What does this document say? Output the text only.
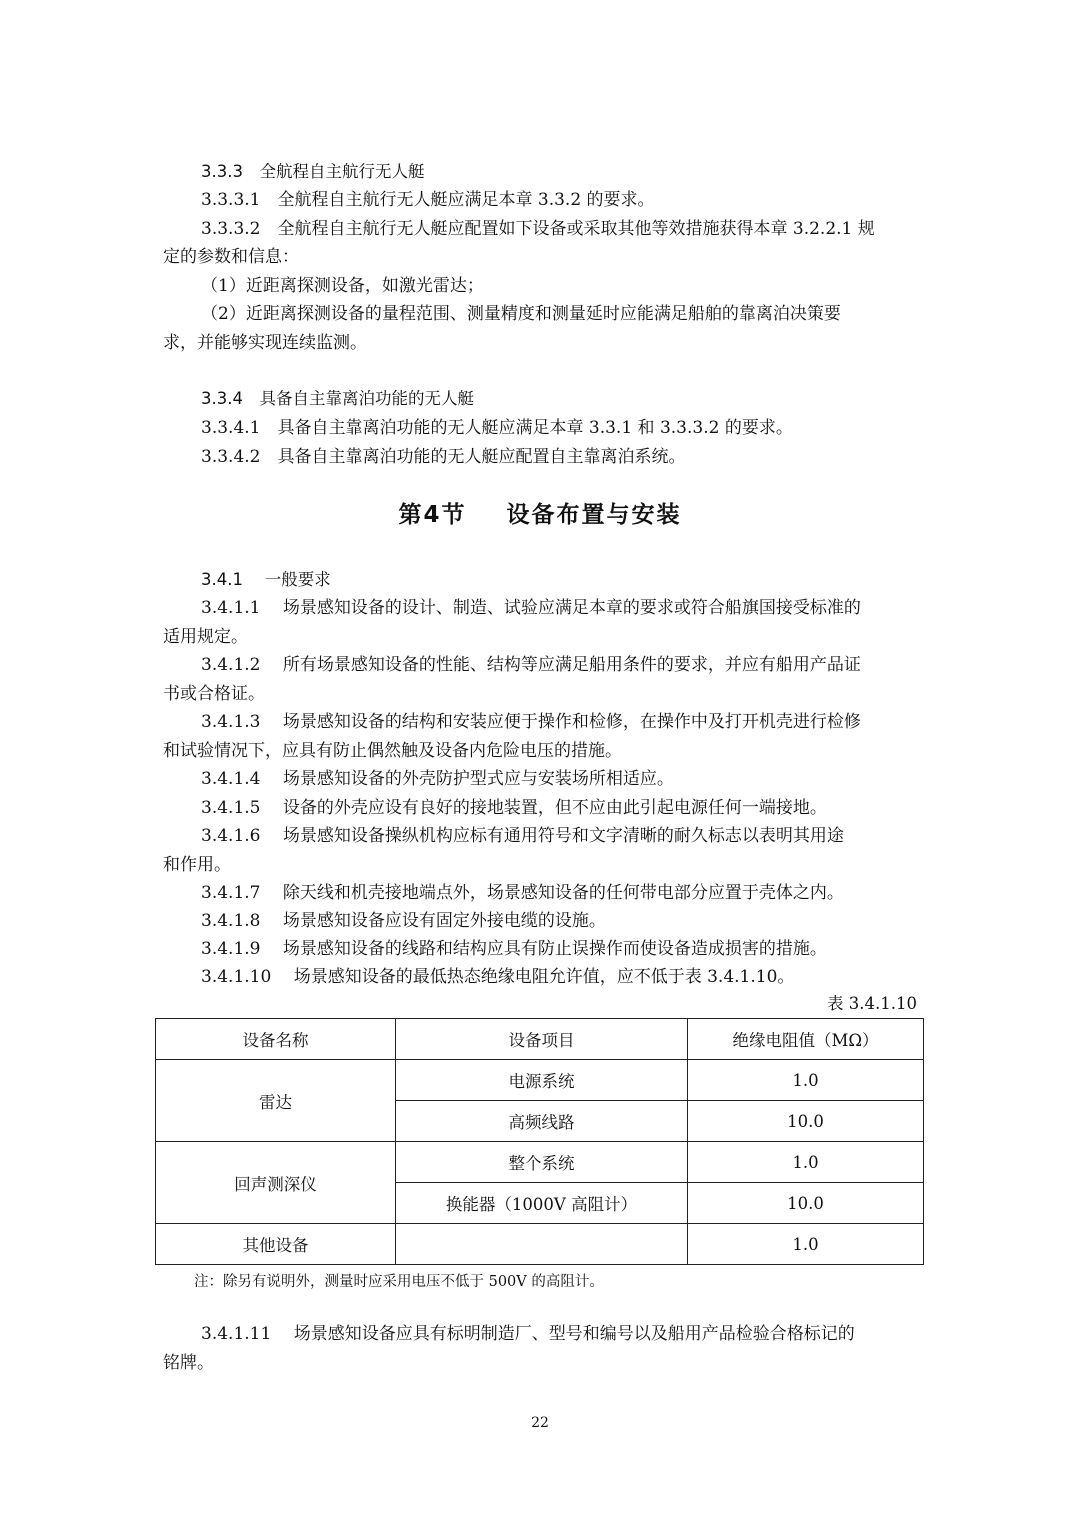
3.3.3　全航程自主航行无人艇
3.3.3.1　全航程自主航行无人艇应满足本章 3.3.2 的要求。
3.3.3.2　全航程自主航行无人艇应配置如下设备或采取其他等效措施获得本章 3.2.2.1 规
定的参数和信息：
（1）近距离探测设备，如激光雷达；
（2）近距离探测设备的量程范围、测量精度和测量延时应能满足船舶的靠离泊决策要
求，并能够实现连续监测。
3.3.4　具备自主靠离泊功能的无人艇
3.3.4.1　具备自主靠离泊功能的无人艇应满足本章 3.3.1 和 3.3.3.2 的要求。
3.3.4.2　具备自主靠离泊功能的无人艇应配置自主靠离泊系统。
第4节 设备布置与安装
3.4.1　 一般要求
3.4.1.1　 场景感知设备的设计、制造、试验应满足本章的要求或符合船旗国接受标准的
适用规定。
3.4.1.2　 所有场景感知设备的性能、结构等应满足船用条件的要求，并应有船用产品证
书或合格证。
3.4.1.3　 场景感知设备的结构和安装应便于操作和检修，在操作中及打开机壳进行检修
和试验情况下，应具有防止偶然触及设备内危险电压的措施。
3.4.1.4　 场景感知设备的外壳防护型式应与安装场所相适应。
3.4.1.5　 设备的外壳应设有良好的接地装置，但不应由此引起电源任何一端接地。
3.4.1.6　 场景感知设备操纵机构应标有通用符号和文字清晰的耐久标志以表明其用途
和作用。
3.4.1.7　 除天线和机壳接地端点外，场景感知设备的任何带电部分应置于壳体之内。
3.4.1.8　 场景感知设备应设有固定外接电缆的设施。
3.4.1.9　 场景感知设备的线路和结构应具有防止误操作而使设备造成损害的措施。
3.4.1.10　 场景感知设备的最低热态绝缘电阻允许值，应不低于表 3.4.1.10。
表 3.4.1.10
设备名称	设备项目	绝缘电阻值（MΩ）
雷达	电源系统	1.0
	高频线路	10.0
回声测深仪	整个系统	1.0
	换能器（1000V 高阻计）	10.0
其他设备		1.0
注：除另有说明外，测量时应采用电压不低于 500V 的高阻计。
3.4.1.11　 场景感知设备应具有标明制造厂、型号和编号以及船用产品检验合格标记的
铭牌。
22
